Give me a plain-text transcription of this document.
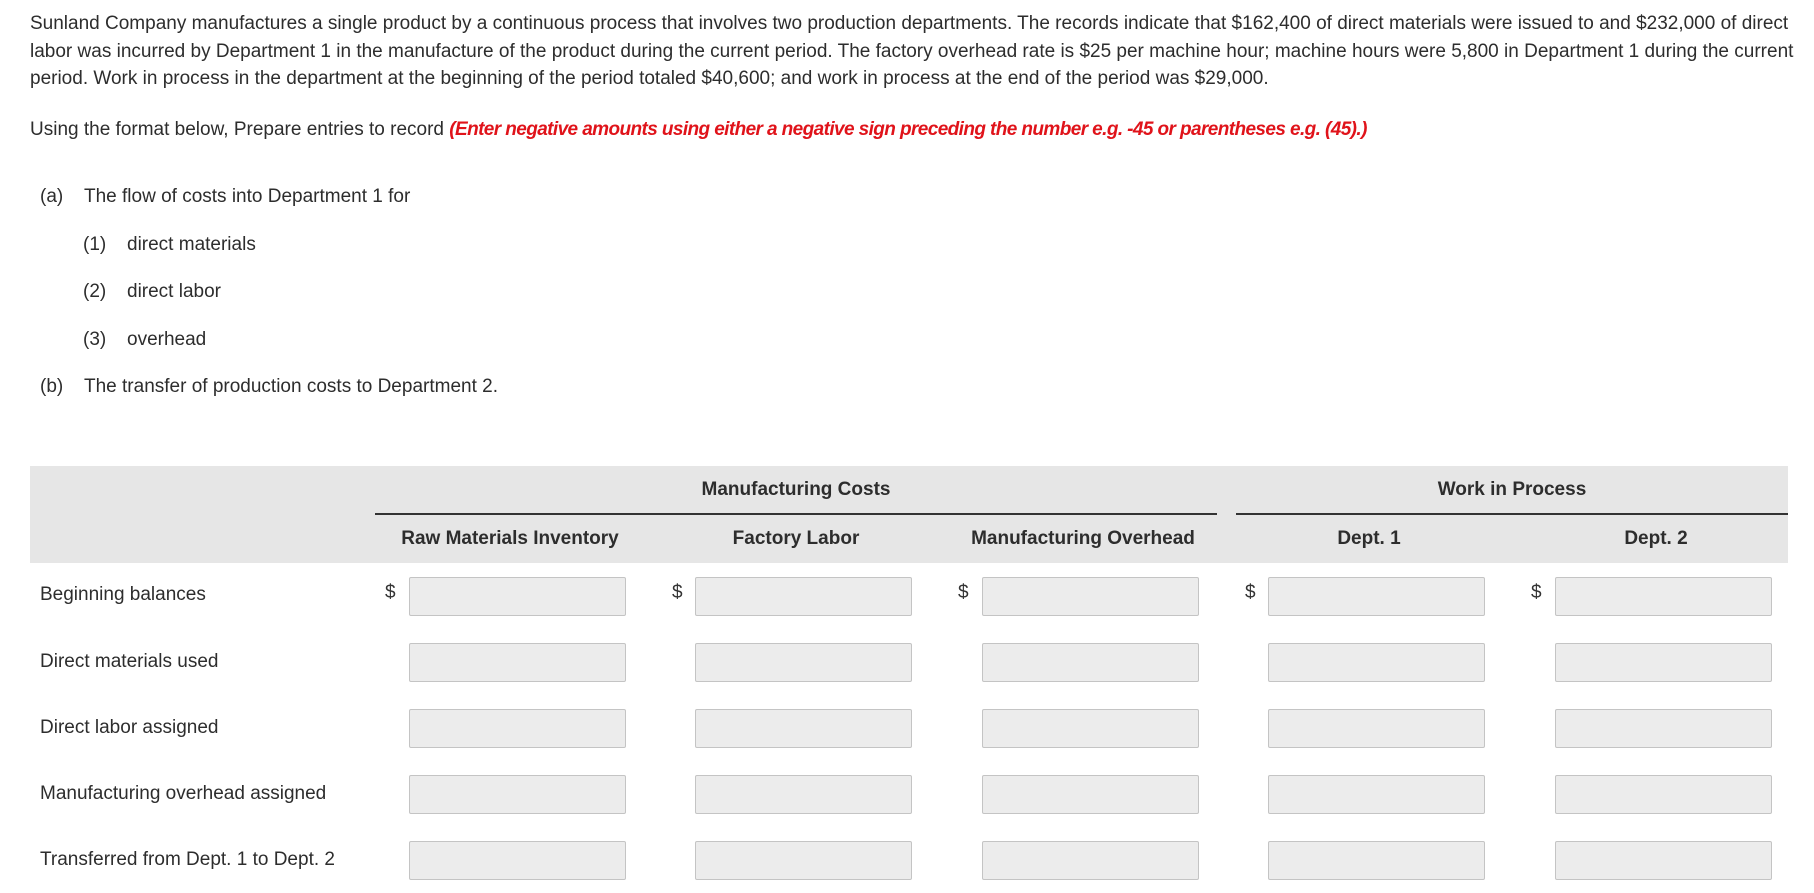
Sunland Company manufactures a single product by a continuous process that involves two production departments. The records indicate that $162,400 of direct materials were issued to and $232,000 of direct labor was incurred by Department 1 in the manufacture of the product during the current period. The factory overhead rate is $25 per machine hour; machine hours were 5,800 in Department 1 during the current period. Work in process in the department at the beginning of the period totaled $40,600; and work in process at the end of the period was $29,000.
Using the format below, Prepare entries to record (Enter negative amounts using either a negative sign preceding the number e.g. -45 or parentheses e.g. (45).)
(a) The flow of costs into Department 1 for
(1) direct materials
(2) direct labor
(3) overhead
(b) The transfer of production costs to Department 2.
Manufacturing Costs	Work in Process
Raw Materials Inventory	Factory Labor	Manufacturing Overhead	Dept. 1	Dept. 2
Beginning balances	$	$	$	$	$
Direct materials used
Direct labor assigned
Manufacturing overhead assigned
Transferred from Dept. 1 to Dept. 2
